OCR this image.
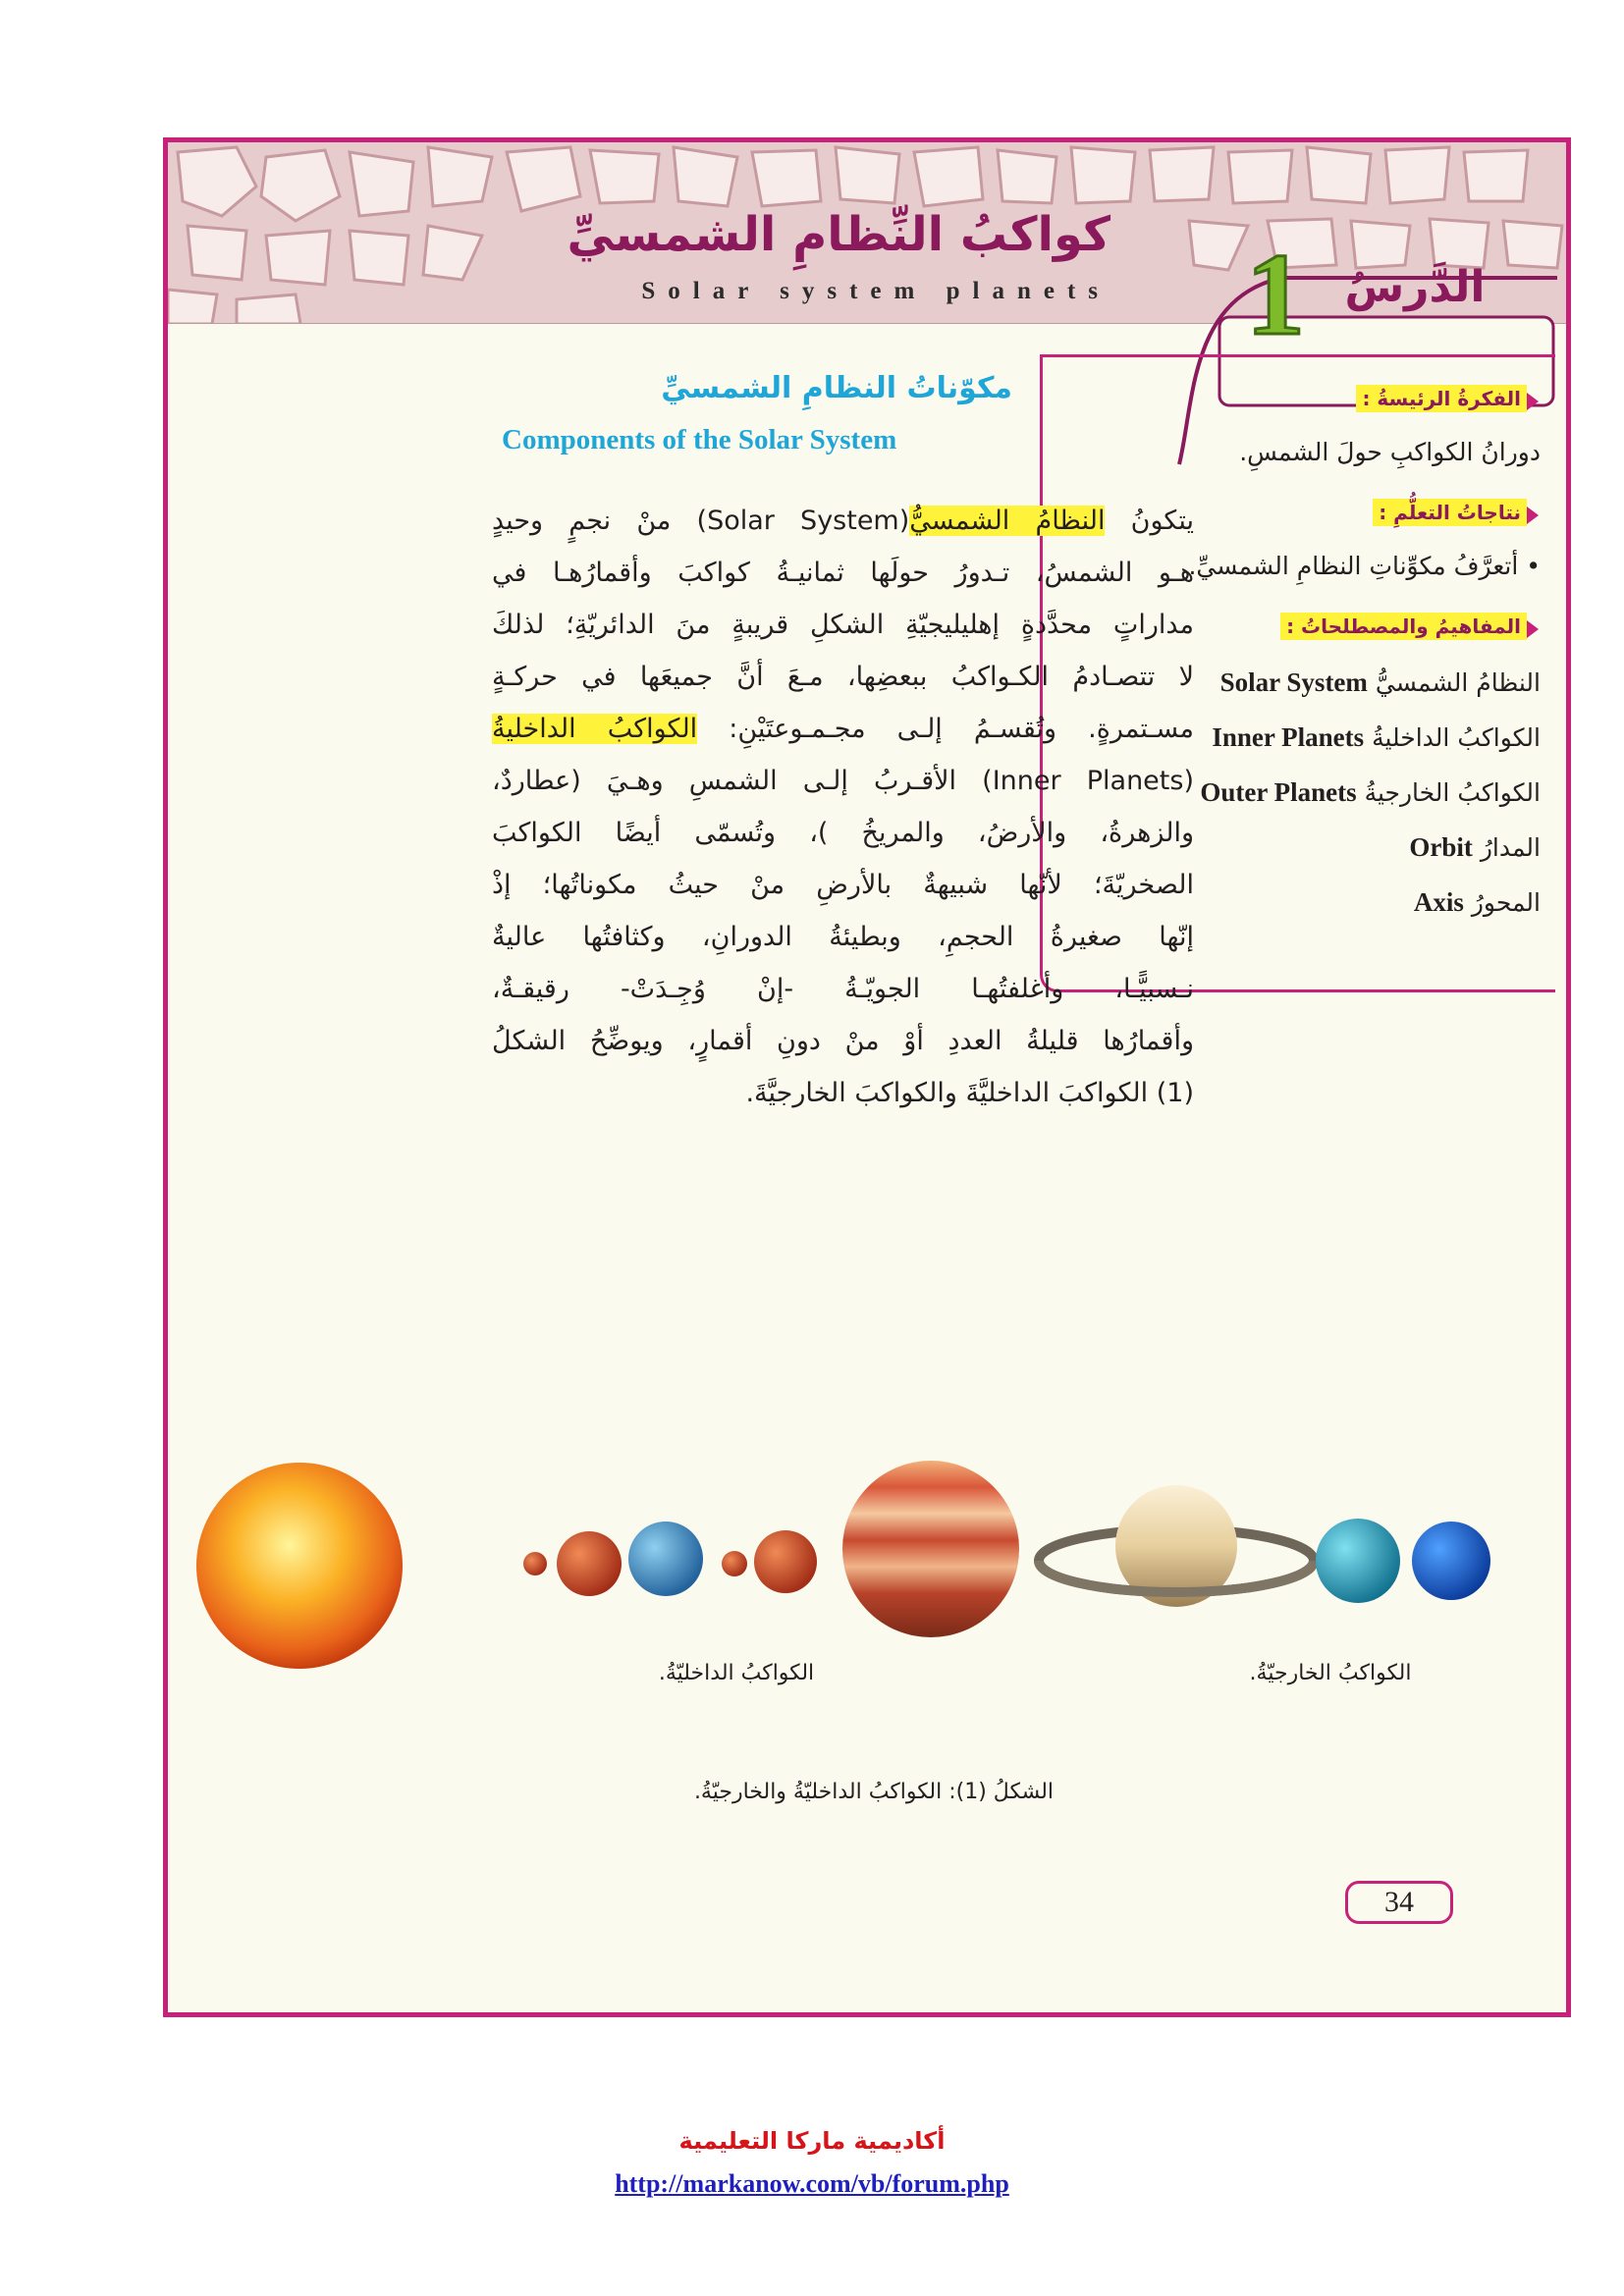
كواكبُ النِّظامِ الشمسيِّ
Solar system planets 1 الدَّرسُ
الفكرةُ الرئيسةُ :
دورانُ الكواكبِ حولَ الشمسِ.
نتاجاتُ التعلُّمِ :
• أتعرَّفُ مكوِّناتِ النظامِ الشمسيِّ.
المفاهيمُ والمصطلحاتُ :
النظامُ الشمسيُّ Solar System
الكواكبُ الداخليةُ Inner Planets
الكواكبُ الخارجيةُ Outer Planets
المدارُ Orbit
المحورُ Axis
مكوّناتُ النظامِ الشمسيِّ
Components of the Solar System
يتكونُ النظامُ الشمسيُّ(Solar System) منْ نجمٍ وحيدٍ
هـو الشمسُ، تـدورُ حولَها ثمانيـةُ كواكبَ وأقمارُهـا في
مداراتٍ محدَّدةٍ إهليليجيّةِ الشكلِ قريبةٍ منَ الدائريّةِ؛ لذلكَ
لا تتصـادمُ الكـواكبُ ببعضِها، مـعَ أنَّ جميعَها في حركـةٍ
مسـتمرةٍ. وتُقسـمُ إلـى مجـمـوعتَيْنِ: الكواكبُ الداخليةُ
(Inner Planets) الأقـربُ إلـى الشمسِ وهـيَ (عطاردٌ،
والزهرةُ، والأرضُ، والمريخُ )، وتُسمّى أيضًا الكواكبَ
الصخريّةَ؛ لأنّها شبيهةٌ بالأرضِ منْ حيثُ مكوناتُها؛ إذْ
إنّها صغيرةُ الحجمِ، وبطيئةُ الدورانِ، وكثافتُها عاليةٌ
نـسبيًّـا، وأغلفتُهـا الجويّـةُ -إنْ وُجِـدَتْ- رقيقـةٌ،
وأقمارُها قليلةُ العددِ أوْ منْ دونِ أقمارٍ، ويوضِّحُ الشكلُ
(1) الكواكبَ الداخليَّةَ والكواكبَ الخارجيَّةَ.
الكواكبُ الداخليّةُ.	الكواكبُ الخارجيّةُ.
الشكلُ (1): الكواكبُ الداخليّةُ والخارجيّةُ.
34
أكاديمية ماركا التعليمية
http://markanow.com/vb/forum.php
